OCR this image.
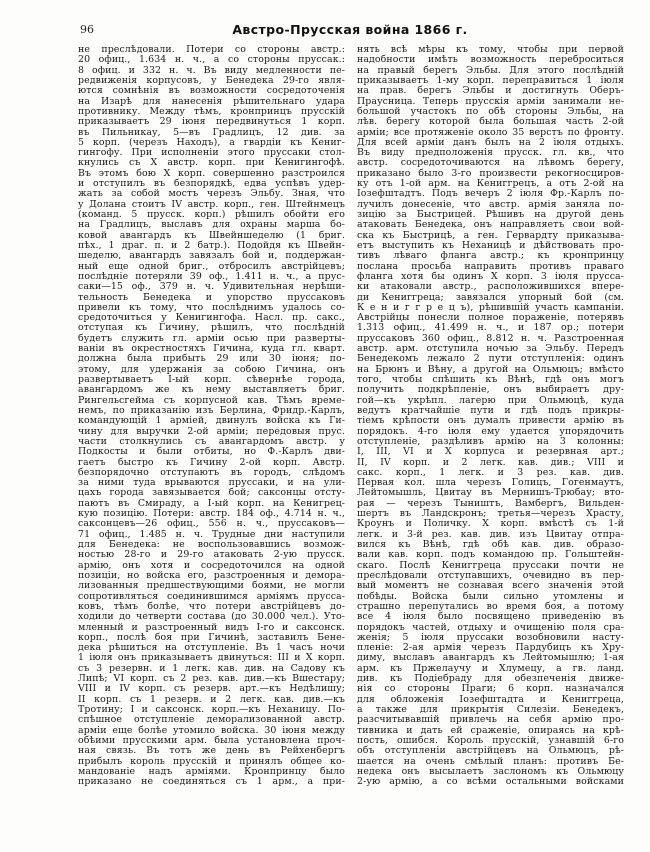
96	Австро-Прусская война 1866 г.
не преслѣдовали. Потери со стороны австр.:
20 офиц., 1.634 н. ч., а со стороны пруссак.:
8 офиц. и 332 н. ч. Въ виду медленности пе-
редвиженія корпусовъ, у Бенедека 29-го явля-
ются сомнѣнія въ возможности сосредоточенія
на Изарѣ для нанесенія рѣшительнаго удара
противнику. Между тѣмъ, кронпринцъ прусскій
приказываетъ 29 іюня передвинуться 1 корп.
въ Пильникау, 5—въ Градлицъ, 12 див. за
5 корп. (черезъ Находъ), а гвардіи къ Кениг-
гингофу. При исполненіи этого пруссаки стол-
кнулись съ X австр. корп. при Кенигингофѣ.
Въ этомъ бою X корп. совершенно разстроился
и отступилъ въ безпорядкѣ, едва успѣвъ удер-
жать за собой мостъ черезъ Эльбу. Зная, что
у Долана стоитъ IV австр. корп., ген. Штейнмецъ
(команд. 5 прусск. корп.) рѣшилъ обойти его
на Градлицъ, выславъ для охраны марша бо-
ковой авангардъ къ Швейншеделю (1 бриг.
пѣх., 1 драг. п. и 2 батр.). Подойдя къ Швейн-
шеделю, авангардъ завязалъ бой и, поддержан-
ный еще одной бриг., отбросилъ австрійцевъ;
послѣдніе потеряли 39 оф., 1.411 н. ч., а прус-
саки—15 оф., 379 н. ч. Удивительная нерѣши-
тельность Бенедека и упорство пруссаковъ
привели къ тому, что послѣднимъ удалось со-
средоточиться у Кенигингофа. Насл. пр. сакс.,
отступая къ Гичину, рѣшилъ, что послѣдній
будетъ служить гл. арміи осью при разверты-
ваніи въ окрестностяхъ Гичина, куда гл. кварт.
должна была прибыть 29 или 30 іюня; по-
этому, для удержанія за собою Гичина, онъ
развертываетъ I-ый корп. сѣвернѣе города,
авангардомъ же къ нему выставляетъ бриг.
Рингельсгейма съ корпусной кав. Тѣмъ време-
немъ, по приказанію изъ Берлина, Фридр.-Карлъ,
командующій 1 арміей, двинулъ войска къ Ги-
чину для выручки 2-ой арміи; передовыя прус.
части столкнулись съ авангардомъ австр. у
Подкосты и были отбиты, но Ф.-Карлъ дви-
гаетъ быстро къ Гичину 2-ой корп. Австр.
безпорядочно отступаютъ въ городъ, слѣдомъ
за ними туда врываются пруссаки, и на ули-
цахъ города завязывается бой; саксонцы отсту-
паютъ въ Смираду, а I-ый корп. на Кенигрец-
кую позицію. Потери: австр. 184 оф., 4.714 н. ч.,
саксонцевъ—26 офиц., 556 н. ч., пруссаковъ—
71 офиц., 1.485 н. ч. Трудные дни наступили
для Бенедека: не воспользовавшись возмож-
ностью 28-го и 29-го атаковать 2-ую прусск.
армію, онъ хотя и сосредоточился на одной
позиціи, но войска его, разстроенныя и демора-
лизованныя предшествующими боями, не могли
сопротивляться соединившимся арміямъ прусса-
ковъ, тѣмъ болѣе, что потери австрійцевъ до-
ходили до четверти состава (до 30.000 чел.). Уто-
мленный и разстроенный видъ I-го и саксонск.
корп., послѣ боя при Гичинѣ, заставилъ Бене-
дека рѣшиться на отступленіе. Въ 1 часъ ночи
1 іюля онъ приказываетъ двинуться: III и X корп.
съ 3 резервн. и 1 легк. кав. див. на Садову къ
Липѣ; VI корп. съ 2 рез. кав. див.—къ Вшестару;
VIII и IV корп. съ резерв. арт.—къ Недѣлишу;
II корп. съ 1 резерв. и 2 легк. кав. див.—къ
Тротину; I и саксонск. корп.—къ Неханицу. По-
спѣшное отступленіе деморализованной австр.
арміи еще болѣе утомило войска. 30 іюня между
обѣими прусскими арм. была установлена проч-
ная связь. Въ тотъ же день въ Рейхенбергъ
прибылъ король прусскій и принялъ общее ко-
мандованіе надъ арміями. Кронпринцу было
приказано не соединяться съ 1 арм., а при-
нять всѣ мѣры къ тому, чтобы при первой
надобности имѣть возможность переброситься
на правый берегъ Эльбы. Для этого послѣдній
приказываетъ 1-му корп. переправиться 1 іюля
на прав. берегъ Эльбы и достигнуть Оберъ-
Праусница. Теперь прусскія арміи занимали не-
большой участокъ по обѣ стороны Эльбы, на
лѣв. берегу которой была большая часть 2-ой
арміи; все протяженіе около 35 верстъ по фронту.
Для всей арміи данъ былъ на 2 іюля отдыхъ.
Въ виду предположенія прусск. гл. кв., что
австр. сосредоточиваются на лѣвомъ берегу,
приказано было 3-го произвести рекогносциров-
ку отъ 1-ой арм. на Кениггрецъ, а отъ 2-ой на
Іозефштадтъ. Подъ вечеръ 2 іюля Фр.-Карлъ по-
лучилъ донесеніе, что австр. армія заняла по-
зицію за Быстрицей. Рѣшивъ на другой день
атаковать Бенедека, онъ направляетъ свои вой-
ска къ Быстрицѣ, а ген. Гервардту приказыва-
етъ выступить къ Неханицѣ и дѣйствовать про-
тивъ лѣваго фланга австр.; къ кронпринцу
послана просьба направить противъ праваго
фланга хотя бы одинъ X корп. 3 іюля прусса-
ки атаковали австр., расположившихся впере-
ди Кениггреца; завязался упорный бой (см.
К е н и г г р е ц ъ), рѣшившій участь кампаніи.
Австрійцы понесли полное пораженіе, потерявъ
1.313 офиц., 41.499 н. ч., и 187 ор.; потери
пруссаковъ 360 офиц., 8.812 н. ч. Разстроенная
австр. арм. отступила ночью за Эльбу. Передъ
Бенедекомъ лежало 2 пути отступленія: одинъ
на Брюнъ и Вѣну, а другой на Ольмюцъ; вмѣсто
того, чтобы спѣшить къ Вѣнѣ, гдѣ онъ могъ
получить подкрѣпленіе, онъ выбираетъ дру-
гой—къ укрѣпл. лагерю при Ольмюцѣ, куда
ведутъ кратчайшіе пути и гдѣ подъ прикры-
тіемъ крѣпости онъ думалъ привести армію въ
порядокъ. 4-го іюля ему удается упорядочить
отступленіе, раздѣливъ армію на 3 колонны:
I, III, VI и X корпуса и резервная арт.;
II, IV корп. и 2 легк. кав. див.; VIII и
сакс. корп., 1 легк. и 3 рез. кав. див.
Первая кол. шла черезъ Голицъ, Гогенмаутъ,
Лейтомышль, Цвитау въ Мернишъ-Трюбау; вто-
рая — черезъ Тыништъ, Вамбергъ, Вильден-
шертъ въ Ландскронъ; третья—черезъ Храсту,
Кроунъ и Поличку. X корп. вмѣстѣ съ 1-й
легк. и 3-й рез. кав. див. изъ Цвитау отпра-
вился къ Вѣнѣ, гдѣ обѣ кав. див. образо-
вали кав. корп. подъ командою пр. Гольштейн-
скаго. Послѣ Кениггреца пруссаки почти не
преслѣдовали отступавшихъ, очевидно въ пер-
вый моментъ не сознавая всего значенія этой
побѣды. Войска были сильно утомлены и
страшно перепутались во время боя, а потому
все 4 іюля было посвящено приведенію въ
порядокъ частей, отдыху и очищенію поля сра-
женія; 5 іюля пруссаки возобновили насту-
пленіе: 2-ая армія черезъ Пардубицъ къ Хру-
диму, выславъ авангардъ къ Лейтомышлю; 1-ая
арм. къ Пржелаучу и Хлумецу, а гв. ланд.
див. къ Подіебраду для обезпеченія движе-
нія со стороны Праги; 6 корп. назначался
для обложенія Іозефштадта и Кениггреца,
а также для прикрытія Силезіи. Бенедекъ,
разсчитывавшій привлечь на себя армію про-
тивника и дать ей сраженіе, опираясь на крѣ-
пость, ошибся. Король прусскій, узнавшій 6-го
объ отступленіи австрійцевъ на Ольмюцъ, рѣ-
шается на очень смѣлый планъ: противъ Бе-
недека онъ высылаетъ заслономъ къ Ольмюцу
2-ую армію, а со всѣми остальными войсками
